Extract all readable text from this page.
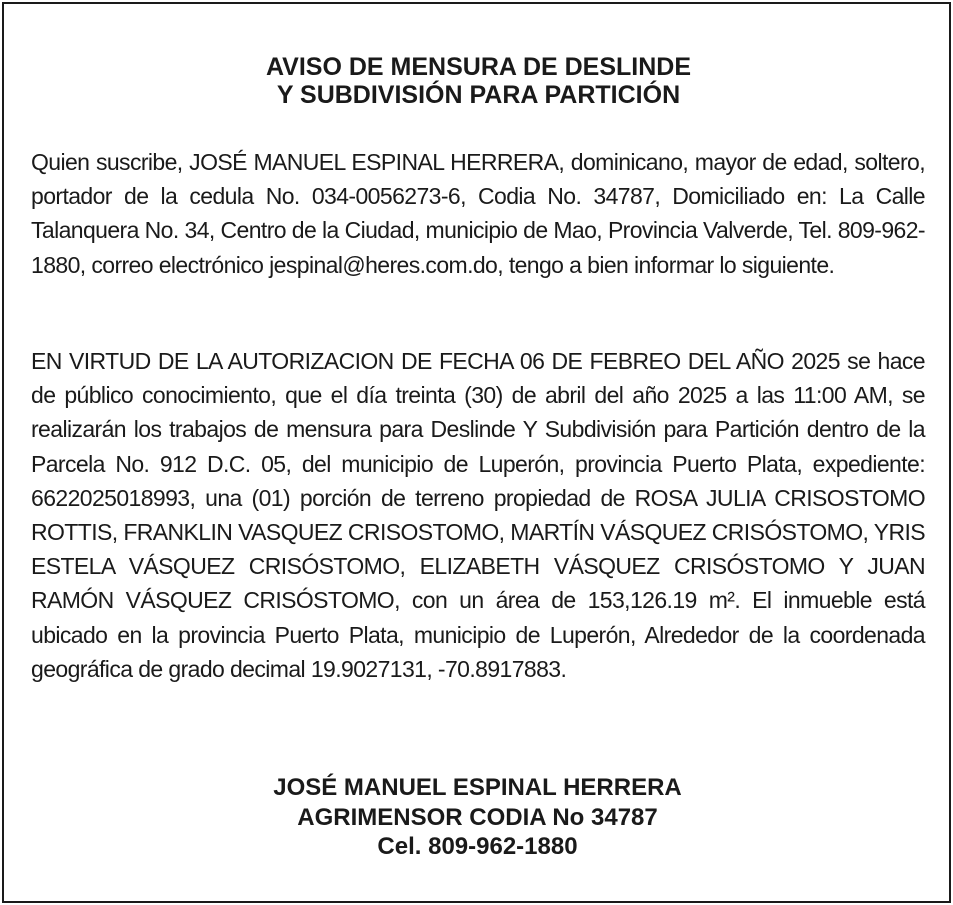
AVISO DE MENSURA DE DESLINDE
Y SUBDIVISIÓN PARA PARTICIÓN

Quien suscribe, JOSÉ MANUEL ESPINAL HERRERA, dominicano, mayor de edad, soltero, portador de la cedula No. 034-0056273-6, Codia No. 34787, Domiciliado en: La Calle Talanquera No. 34, Centro de la Ciudad, municipio de Mao, Provincia Valverde, Tel. 809-962-1880, correo electrónico jespinal@heres.com.do, tengo a bien informar lo siguiente.

EN VIRTUD DE LA AUTORIZACION DE FECHA 06 DE FEBREO DEL AÑO 2025 se hace de público conocimiento, que el día treinta (30) de abril del año 2025 a las 11:00 AM, se realizarán los trabajos de mensura para Deslinde Y Subdivisión para Partición dentro de la Parcela No. 912 D.C. 05, del municipio de Luperón, provincia Puerto Plata, expediente: 6622025018993, una (01) porción de terreno propiedad de ROSA JULIA CRISOSTOMO ROTTIS, FRANKLIN VASQUEZ CRISOSTOMO, MARTÍN VÁSQUEZ CRISÓSTOMO, YRIS ESTELA VÁSQUEZ CRISÓSTOMO, ELIZABETH VÁSQUEZ CRISÓSTOMO Y JUAN RAMÓN VÁSQUEZ CRISÓSTOMO, con un área de 153,126.19 m². El inmueble está ubicado en la provincia Puerto Plata, municipio de Luperón, Alrededor de la coordenada geográfica de grado decimal 19.9027131, -70.8917883.

JOSÉ MANUEL ESPINAL HERRERA

AGRIMENSOR CODIA No 34787

Cel. 809-962-1880
